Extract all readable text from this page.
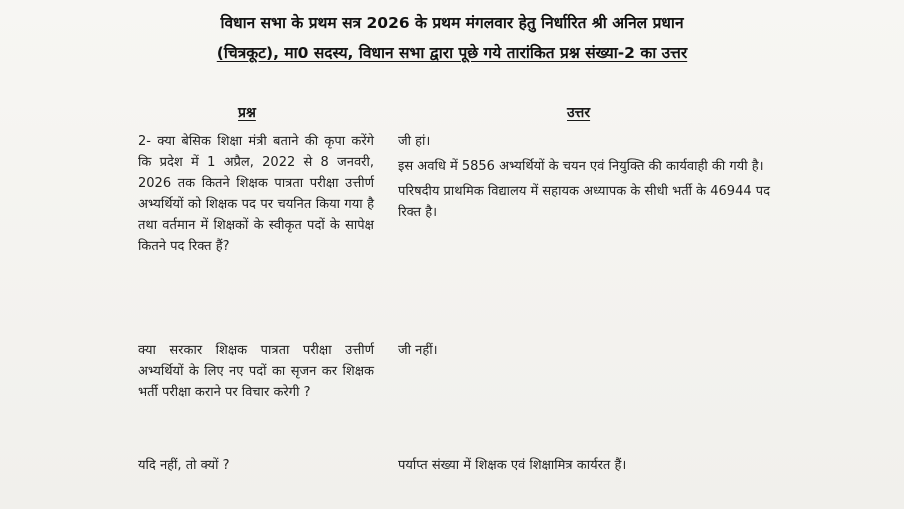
विधान सभा के प्रथम सत्र 2026 के प्रथम मंगलवार हेतु निर्धारित श्री अनिल प्रधान
(चित्रकूट), मा0 सदस्य, विधान सभा द्वारा पूछे गये तारांकित प्रश्न संख्या-2 का उत्तर
प्रश्न	उत्तर
2- क्या बेसिक शिक्षा मंत्री बताने की कृपा करेंगे कि प्रदेश में 1 अप्रैल, 2022 से 8 जनवरी, 2026 तक कितने शिक्षक पात्रता परीक्षा उत्तीर्ण अभ्यर्थियों को शिक्षक पद पर चयनित किया गया है तथा वर्तमान में शिक्षकों के स्वीकृत पदों के सापेक्ष कितने पद रिक्त हैं?

जी हां।

इस अवधि में 5856 अभ्यर्थियों के चयन एवं नियुक्ति की कार्यवाही की गयी है।

परिषदीय प्राथमिक विद्यालय में सहायक अध्यापक के सीधी भर्ती के 46944 पद रिक्त है।

क्या सरकार शिक्षक पात्रता परीक्षा उत्तीर्ण अभ्यर्थियों के लिए नए पदों का सृजन कर शिक्षक भर्ती परीक्षा कराने पर विचार करेगी ?

जी नहीं।

यदि नहीं, तो क्यों ?	पर्याप्त संख्या में शिक्षक एवं शिक्षामित्र कार्यरत हैं।
